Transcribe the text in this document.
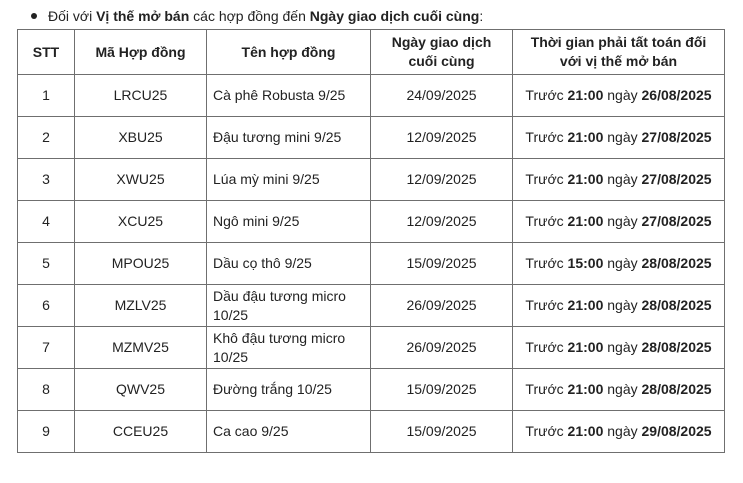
Đối với Vị thế mở bán các hợp đồng đến Ngày giao dịch cuối cùng:
STT	Mã Hợp đồng	Tên hợp đồng	Ngày giao dịch cuối cùng	Thời gian phải tất toán đối với vị thế mở bán
1	LRCU25	Cà phê Robusta 9/25	24/09/2025	Trước 21:00 ngày 26/08/2025
2	XBU25	Đậu tương mini 9/25	12/09/2025	Trước 21:00 ngày 27/08/2025
3	XWU25	Lúa mỳ mini 9/25	12/09/2025	Trước 21:00 ngày 27/08/2025
4	XCU25	Ngô mini 9/25	12/09/2025	Trước 21:00 ngày 27/08/2025
5	MPOU25	Dầu cọ thô 9/25	15/09/2025	Trước 15:00 ngày 28/08/2025
6	MZLV25	Dầu đậu tương micro 10/25	26/09/2025	Trước 21:00 ngày 28/08/2025
7	MZMV25	Khô đậu tương micro 10/25	26/09/2025	Trước 21:00 ngày 28/08/2025
8	QWV25	Đường trắng 10/25	15/09/2025	Trước 21:00 ngày 28/08/2025
9	CCEU25	Ca cao 9/25	15/09/2025	Trước 21:00 ngày 29/08/2025
